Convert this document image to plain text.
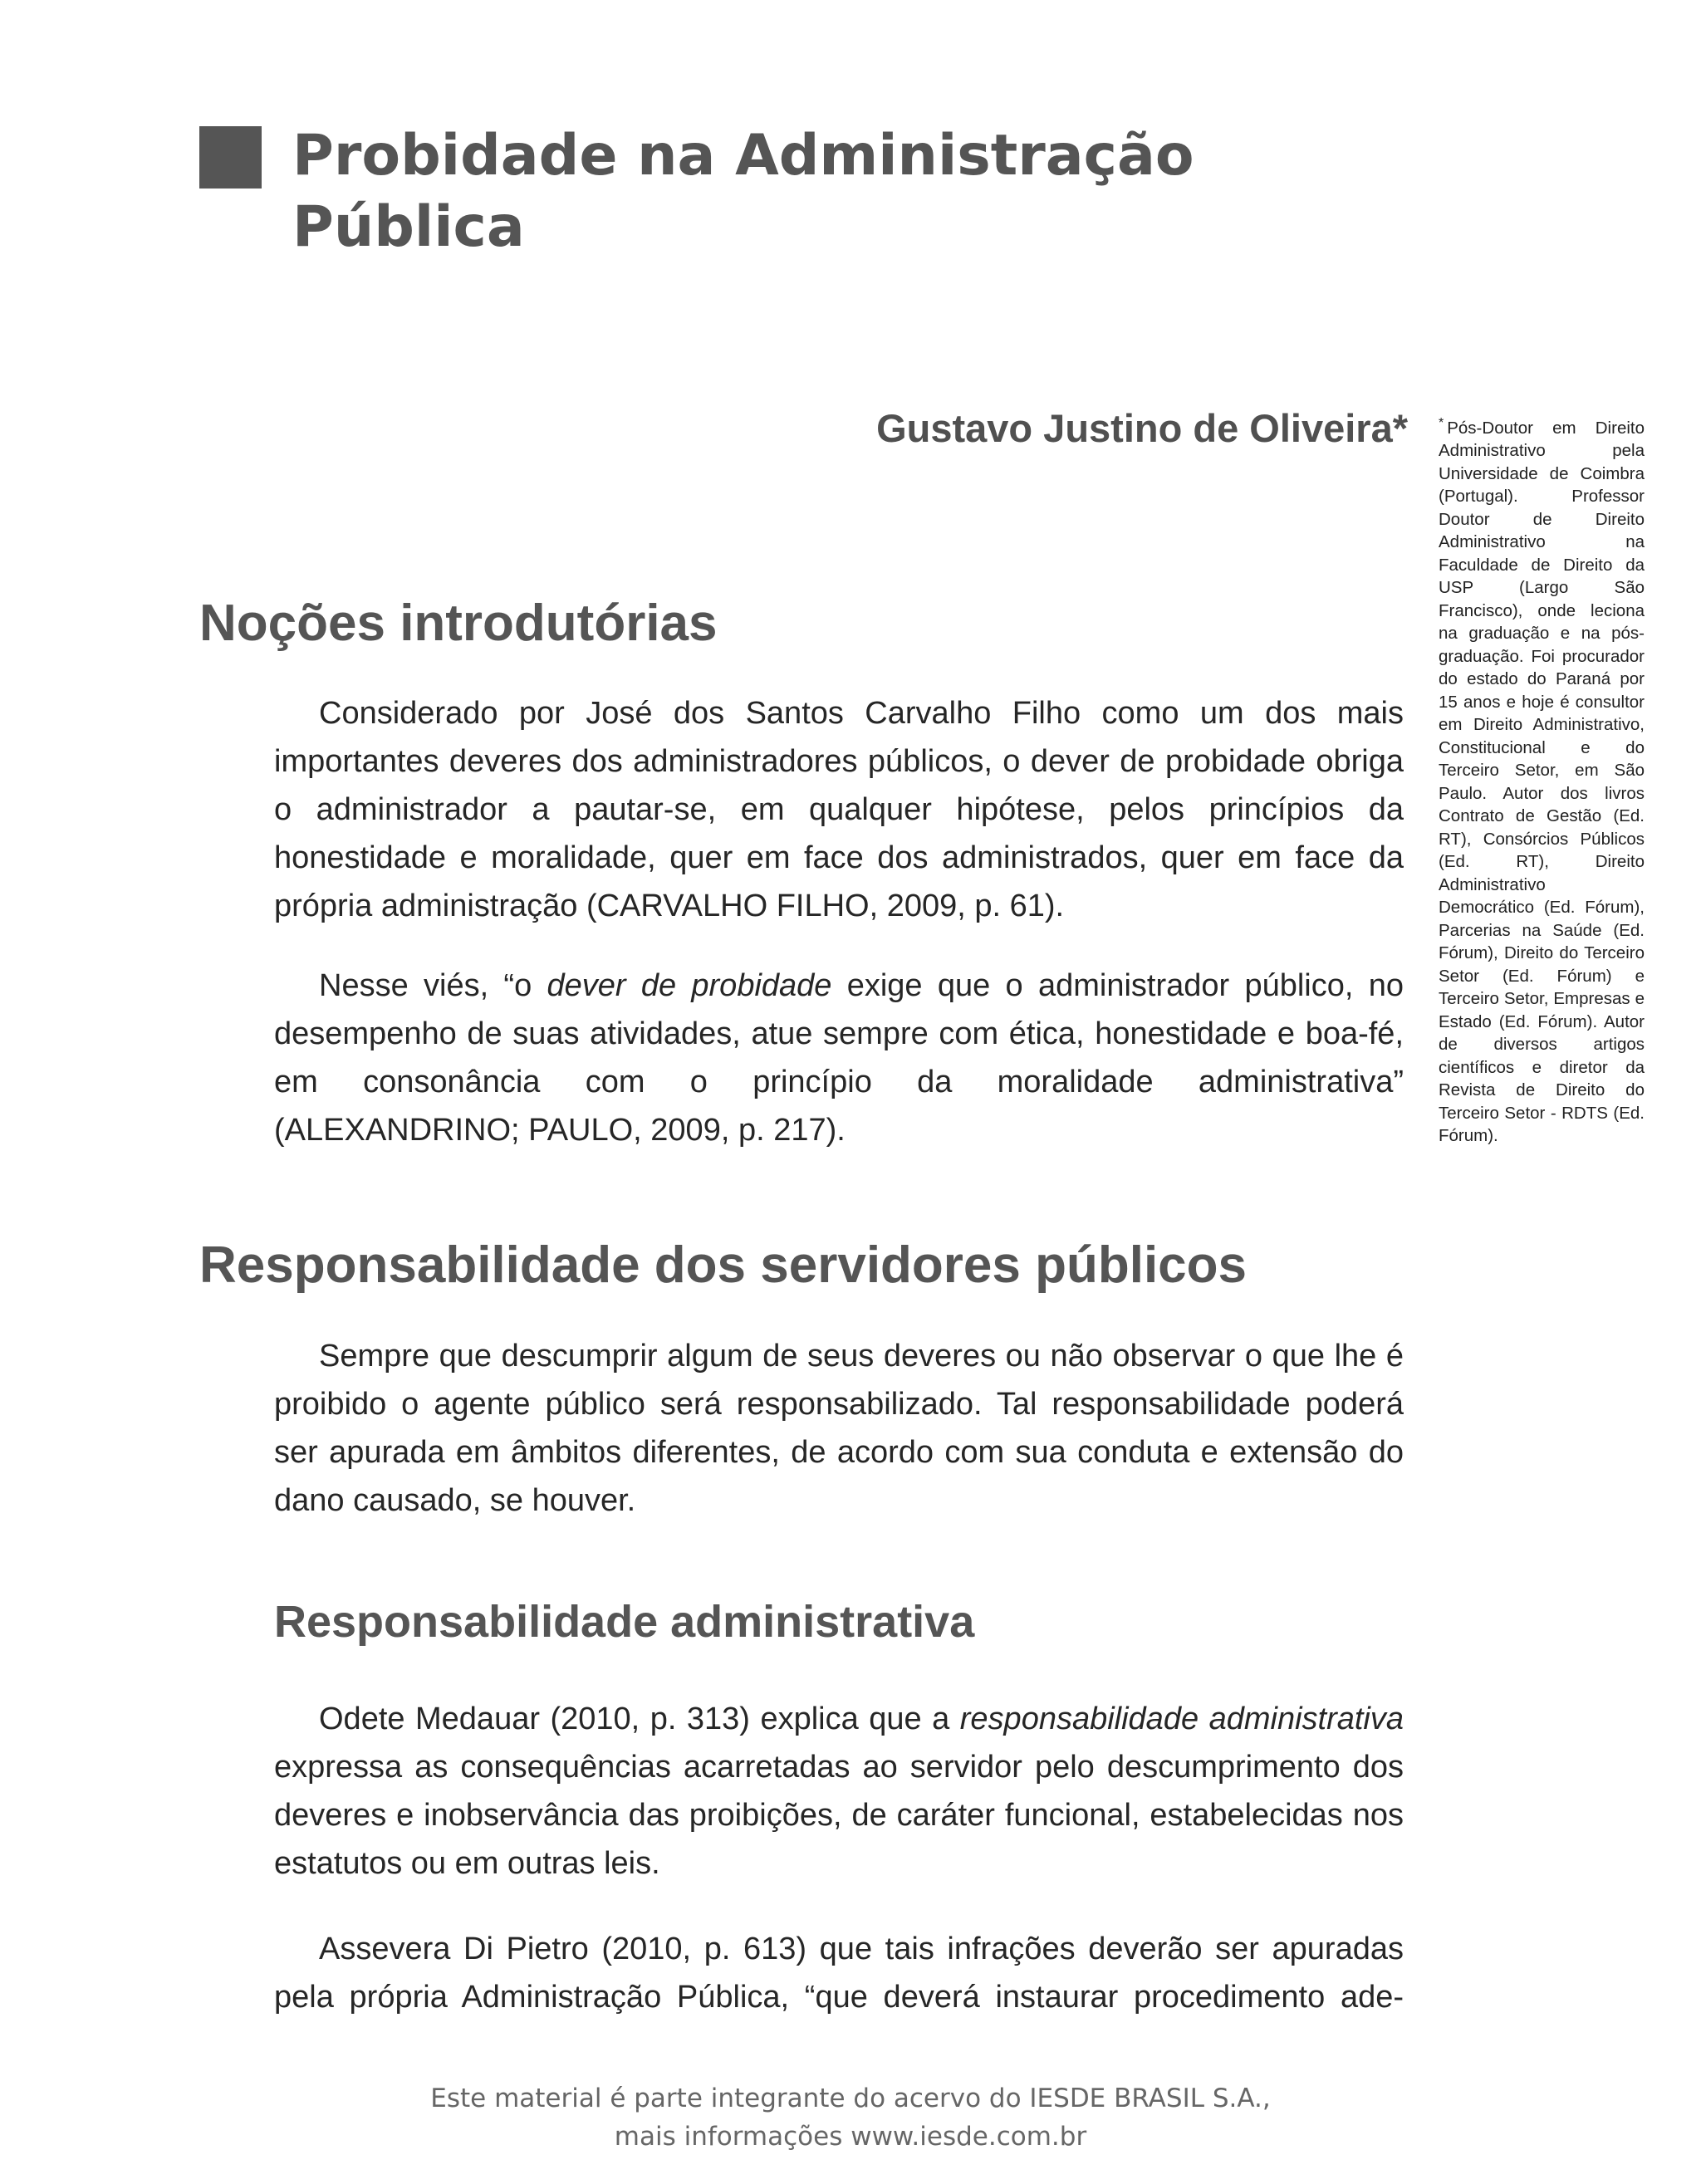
Probidade na Administração
Pública

Gustavo Justino de Oliveira* * Pós-Doutor em Direito Administrativo pela Universidade de Coimbra (Portugal). Professor Doutor de Direito Administrativo na Faculdade de Direito da USP (Largo São Francisco), onde leciona na graduação e na pós-graduação. Foi procurador do estado do Paraná por 15 anos e hoje é consultor em Direito Administrativo, Constitucional e do Terceiro Setor, em São Paulo. Autor dos livros Contrato de Gestão (Ed. RT), Consórcios Públicos (Ed. RT), Direito Administrativo Democrático (Ed. Fórum), Parcerias na Saúde (Ed. Fórum), Direito do Terceiro Setor (Ed. Fórum) e Terceiro Setor, Empresas e Estado (Ed. Fórum). Autor de diversos artigos científicos e diretor da Revista de Direito do Terceiro Setor - RDTS (Ed. Fórum).
Noções introdutórias

Considerado por José dos Santos Carvalho Filho como um dos mais importantes deveres dos administradores públicos, o dever de probidade obriga o administrador a pautar-se, em qualquer hipótese, pelos princípios da honestidade e moralidade, quer em face dos administrados, quer em face da própria administração (CARVALHO FILHO, 2009, p. 61).

Nesse viés, “o dever de probidade exige que o administrador público, no desempenho de suas atividades, atue sempre com ética, honestidade e boa-fé, em consonância com o princípio da moralidade administrativa” (ALEXANDRINO; PAULO, 2009, p. 217).

Responsabilidade dos servidores públicos

Sempre que descumprir algum de seus deveres ou não observar o que lhe é proibido o agente público será responsabilizado. Tal responsabilidade poderá ser apurada em âmbitos diferentes, de acordo com sua conduta e extensão do dano causado, se houver.

Responsabilidade administrativa

Odete Medauar (2010, p. 313) explica que a responsabilidade administrativa expressa as consequências acarretadas ao servidor pelo descumprimento dos deveres e inobservância das proibições, de caráter funcional, estabelecidas nos estatutos ou em outras leis.

Assevera Di Pietro (2010, p. 613) que tais infrações deverão ser apuradas pela própria Administração Pública, “que deverá instaurar procedimento ade-

Este material é parte integrante do acervo do IESDE BRASIL S.A.,
mais informações www.iesde.com.br
